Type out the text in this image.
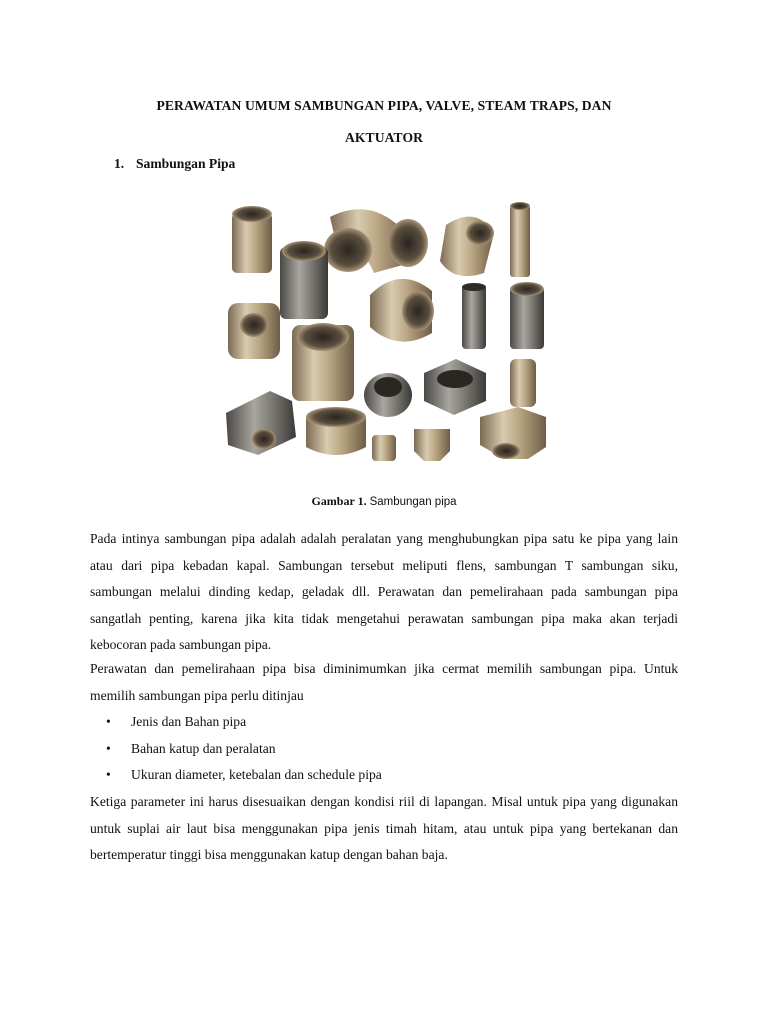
PERAWATAN UMUM SAMBUNGAN PIPA, VALVE, STEAM TRAPS, DAN
AKTUATOR
1. Sambungan Pipa
Gambar 1. Sambungan pipa

Pada intinya sambungan pipa adalah adalah peralatan yang menghubungkan pipa satu ke pipa yang lain atau dari pipa kebadan kapal. Sambungan tersebut meliputi flens, sambungan T sambungan siku, sambungan melalui dinding kedap, geladak dll. Perawatan dan pemelirahaan pada sambungan pipa sangatlah penting, karena jika kita tidak mengetahui perawatan sambungan pipa maka akan terjadi kebocoran pada sambungan pipa.

Perawatan dan pemelirahaan pipa bisa diminimumkan jika cermat memilih sambungan pipa. Untuk memilih sambungan pipa perlu ditinjau

• Jenis dan Bahan pipa
• Bahan katup dan peralatan
• Ukuran diameter, ketebalan dan schedule pipa

Ketiga parameter ini harus disesuaikan dengan kondisi riil di lapangan. Misal untuk pipa yang digunakan untuk suplai air laut bisa menggunakan pipa jenis timah hitam, atau untuk pipa yang bertekanan dan bertemperatur tinggi bisa menggunakan katup dengan bahan baja.
